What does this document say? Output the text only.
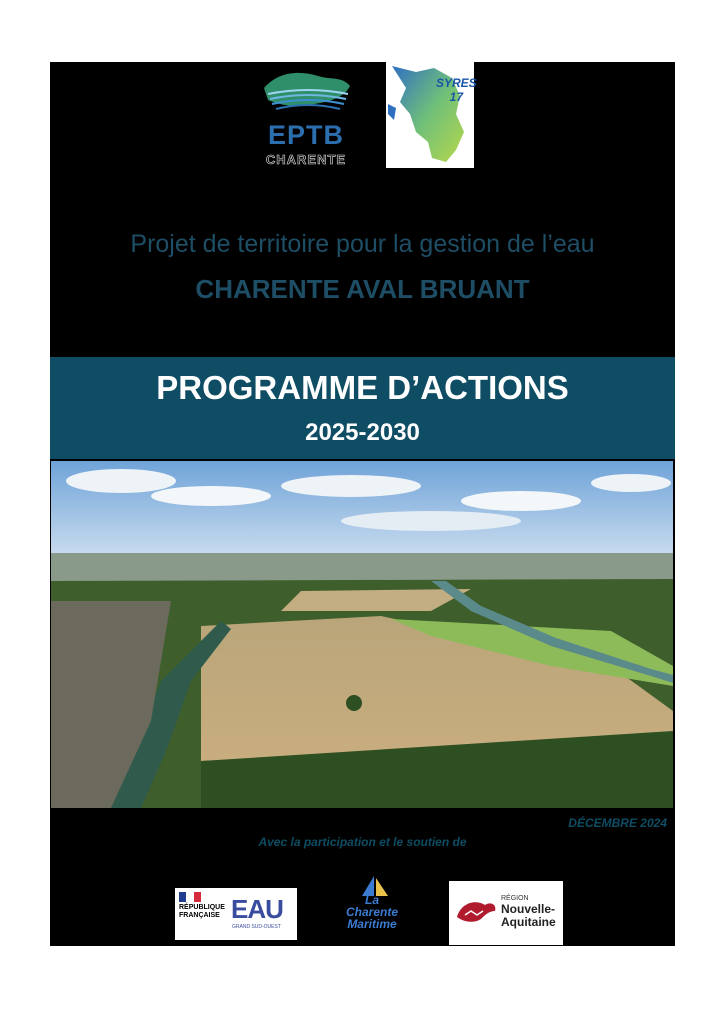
EPTB
CHARENTE
SYRES
17
Projet de territoire pour la gestion de l’eau
CHARENTE AVAL BRUANT
PROGRAMME D’ACTIONS
2025-2030
DÉCEMBRE 2024
Avec la participation et le soutien de
RÉPUBLIQUE
FRANÇAISE EAU
GRAND SUD-OUEST
La
Charente
Maritime
RÉGION
Nouvelle-
Aquitaine
